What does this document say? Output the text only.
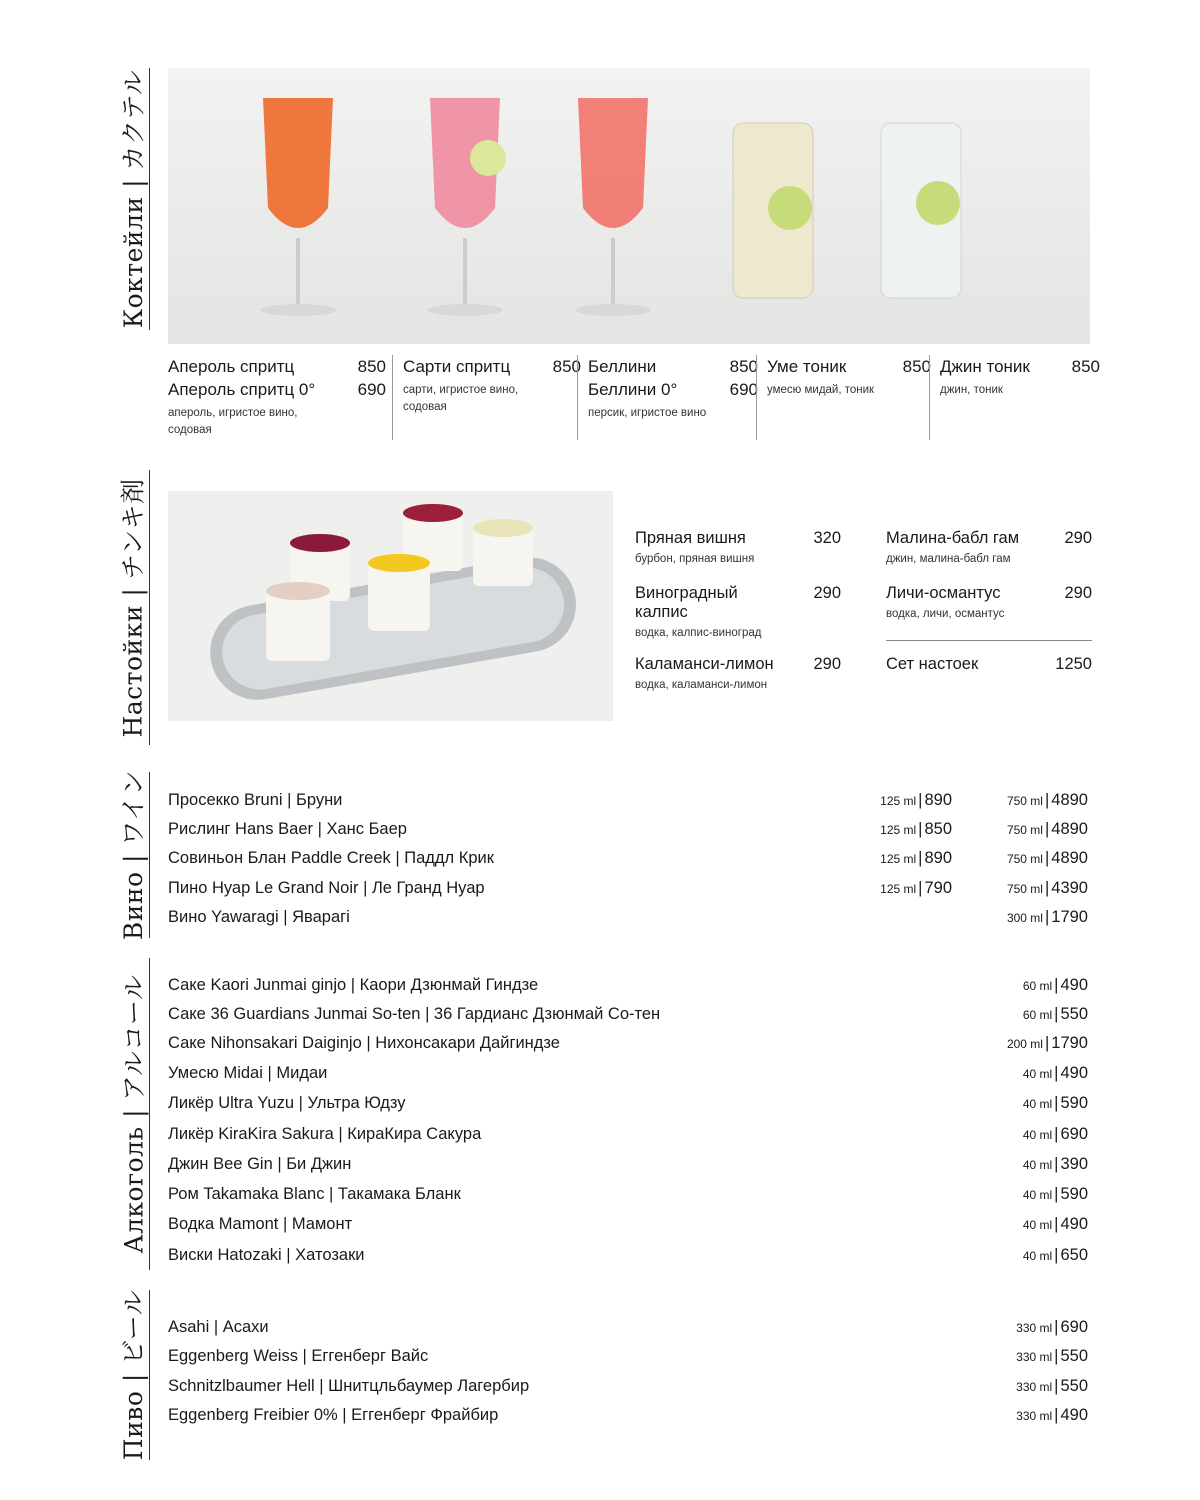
Коктейли | カクテル
Настойки | チンキ剤
Вино | ワイン
Алкоголь | アルコール
Пиво | ビール
Апероль спритц	850
Апероль спритц 0° 690
апероль, игристое вино, содовая
Сарти спритц 850
сарти, игристое вино, содовая
Беллини	850
Беллини 0°	690
персик, игристое вино
Уме тоник	850
умесю мидай, тоник
Джин тоник 850
джин, тоник
Пряная вишня	320
бурбон, пряная вишня
Виноградный калпис
290
водка, калпис-виноград
Каламанси-лимон 290
водка, каламанси-лимон
Малина-бабл гам	290
джин, малина-бабл гам
Личи-османтус	290
водка, личи, османтус
Сет настоек	1250
Просекко Bruni | Бруни	125 ml | 890	750 ml | 4890
Рислинг Hans Baer | Ханс Баер	125 ml | 850	750 ml | 4890
Совиньон Блан Paddle Creek | Паддл Крик	125 ml | 890	750 ml | 4890
Пино Нуар Le Grand Noir | Ле Гранд Нуар	125 ml | 790	750 ml | 4390
Вино Yawaragi | Яварагi	300 ml | 1790
Саке Kaori Junmai ginjo | Каори Дзюнмай Гиндзе	60 ml | 490
Саке 36 Guardians Junmai So-ten | 36 Гардианс Дзюнмай Со-тен	60 ml | 550
Саке Nihonsakari Daiginjo | Нихонсакари Дайгиндзе	200 ml | 1790
Умесю Midai | Мидаи	40 ml | 490
Ликёр Ultra Yuzu | Ультра Юдзу	40 ml | 590
Ликёр KiraKira Sakura | КираКира Сакура	40 ml | 690
Джин Bee Gin | Би Джин	40 ml | 390
Ром Takamaka Blanc | Такамака Бланк	40 ml | 590
Водка Mamont | Мамонт	40 ml | 490
Виски Hatozaki | Хатозаки	40 ml | 650
Asahi | Асахи	330 ml | 690
Eggenberg Weiss | Еггенберг Вайс	330 ml | 550
Schnitzlbaumer Hell | Шнитцльбаумер Лагербир	330 ml | 550
Eggenberg Freibier 0% | Еггенберг Фрайбир	330 ml | 490
